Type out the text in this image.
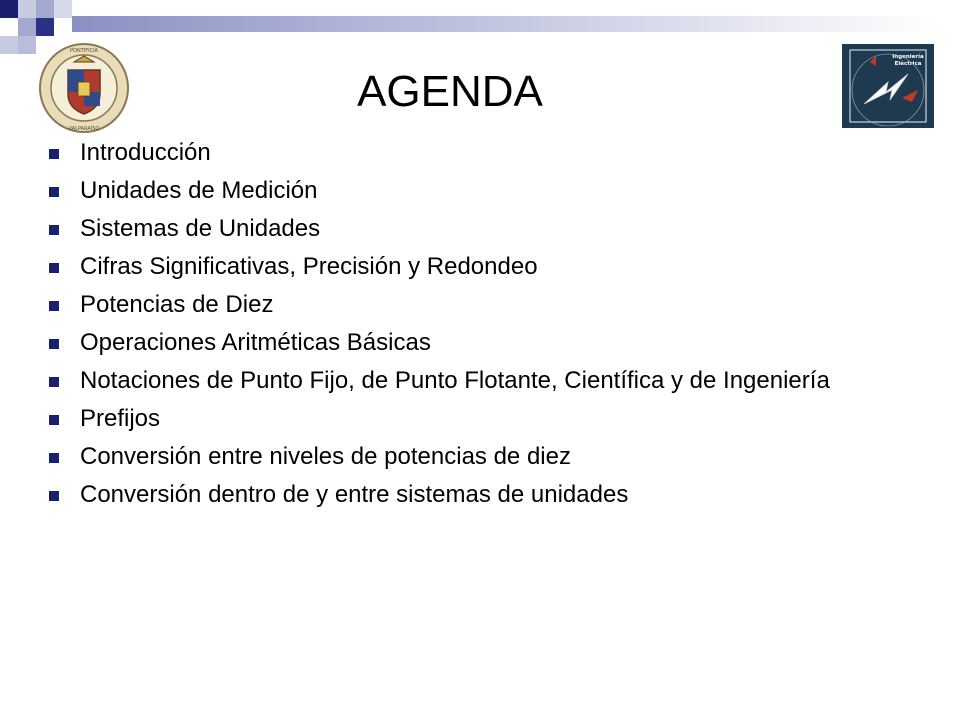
PONTIFICIA
VALPARAÍSO
AGENDA
Ingeniería
Eléctrica
Introducción
Unidades de Medición
Sistemas de Unidades
Cifras Significativas, Precisión y Redondeo
Potencias de Diez
Operaciones Aritméticas Básicas
Notaciones de Punto Fijo, de Punto Flotante, Científica y de Ingeniería
Prefijos
Conversión entre niveles de potencias de diez
Conversión dentro de y entre sistemas de unidades
